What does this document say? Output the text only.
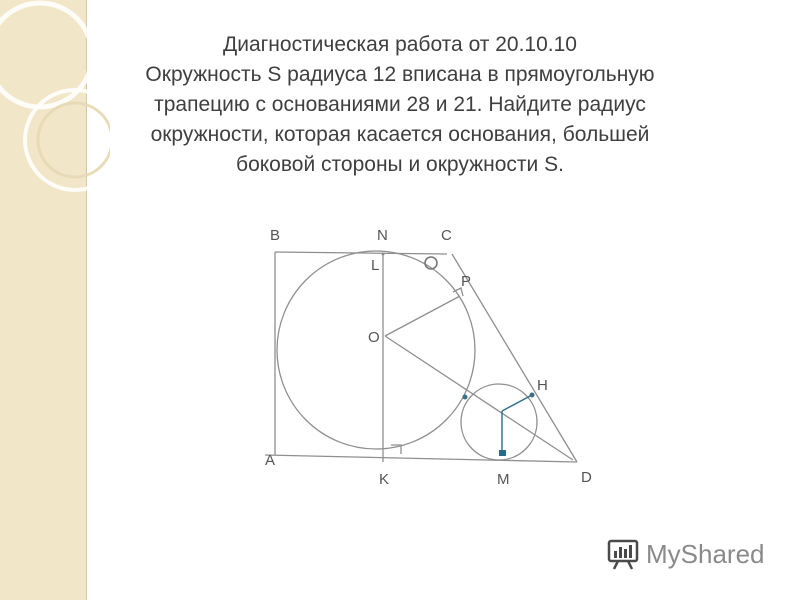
Диагностическая работа от 20.10.10
Окружность S радиуса 12 вписана в прямоугольную
трапецию с основаниями 28 и 21. Найдите радиус
окружности, которая касается основания, большей
боковой стороны и окружности S.
B	N	C
L
P
O
A
K	M	D
H
MyShared
